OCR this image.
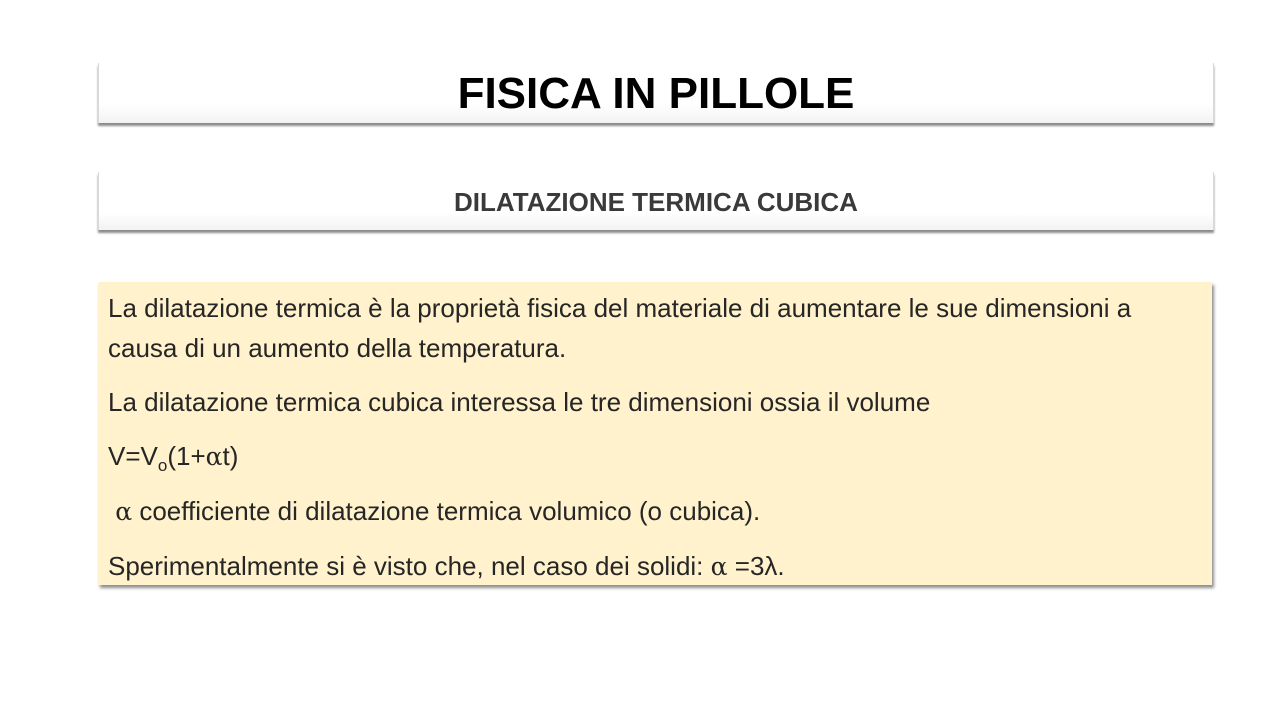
FISICA IN PILLOLE
DILATAZIONE TERMICA CUBICA

La dilatazione termica è la proprietà fisica del materiale di aumentare le sue dimensioni a causa di un aumento della temperatura.

La dilatazione termica cubica interessa le tre dimensioni ossia il volume

$V=V_o(1+\alpha t)$

α coefficiente di dilatazione termica volumico (o cubica).

Sperimentalmente si è visto che, nel caso dei solidi: α =3λ.
